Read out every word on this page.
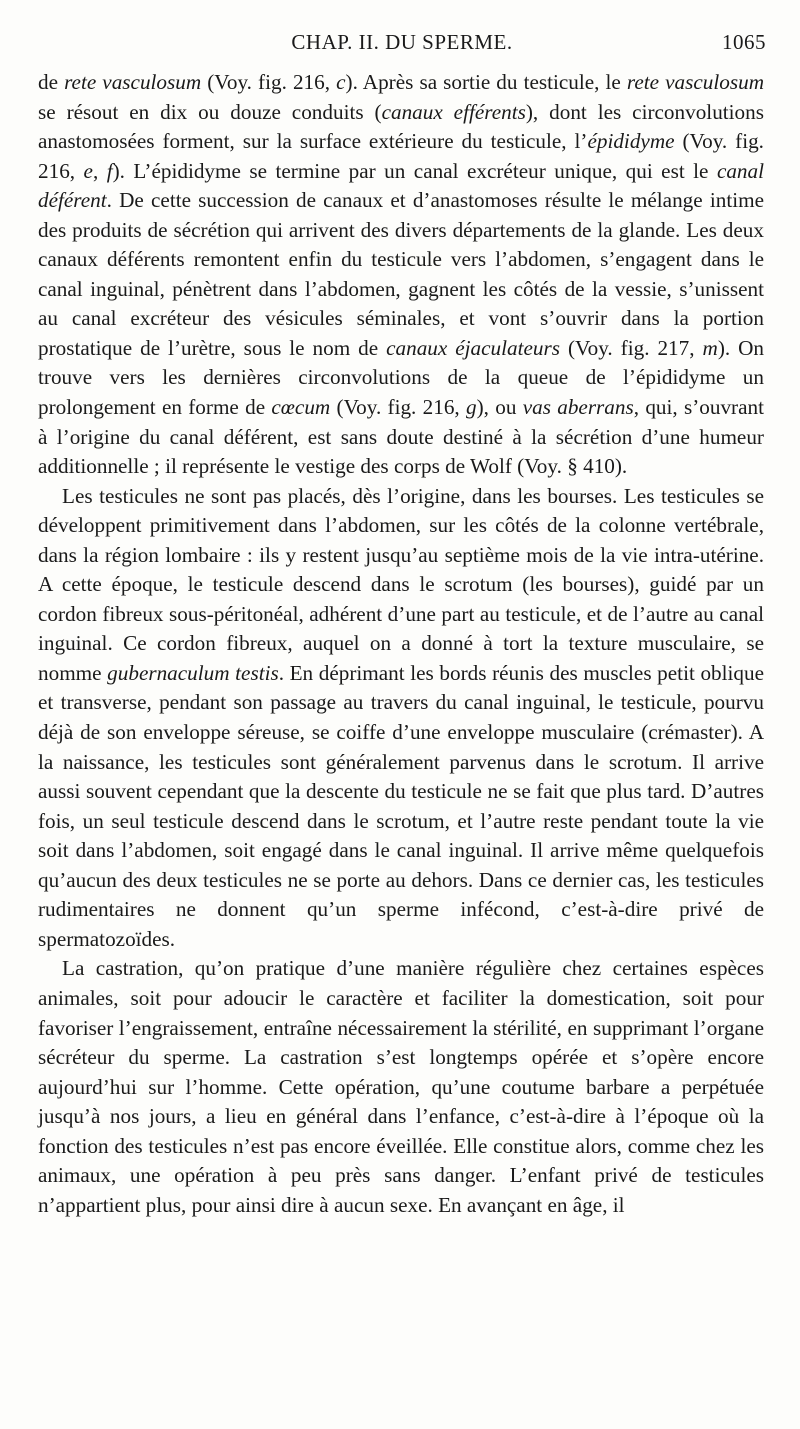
CHAP. II. DU SPERME.	1065

de rete vasculosum (Voy. fig. 216, c). Après sa sortie du testicule, le rete vasculosum se résout en dix ou douze conduits (canaux efférents), dont les circonvolutions anastomosées forment, sur la surface extérieure du testicule, l’épididyme (Voy. fig. 216, e, f). L’épididyme se termine par un canal excréteur unique, qui est le canal déférent. De cette succession de canaux et d’anastomoses résulte le mélange intime des produits de sécrétion qui arrivent des divers départements de la glande. Les deux canaux déférents remontent enfin du testicule vers l’abdomen, s’engagent dans le canal inguinal, pénètrent dans l’abdomen, gagnent les côtés de la vessie, s’unissent au canal excréteur des vésicules séminales, et vont s’ouvrir dans la portion prostatique de l’urètre, sous le nom de canaux éjaculateurs (Voy. fig. 217, m). On trouve vers les dernières circonvolutions de la queue de l’épididyme un prolongement en forme de cœcum (Voy. fig. 216, g), ou vas aberrans, qui, s’ouvrant à l’origine du canal déférent, est sans doute destiné à la sécrétion d’une humeur additionnelle ; il représente le vestige des corps de Wolf (Voy. § 410).

Les testicules ne sont pas placés, dès l’origine, dans les bourses. Les testicules se développent primitivement dans l’abdomen, sur les côtés de la colonne vertébrale, dans la région lombaire : ils y restent jusqu’au septième mois de la vie intra-utérine. A cette époque, le testicule descend dans le scrotum (les bourses), guidé par un cordon fibreux sous-péritonéal, adhérent d’une part au testicule, et de l’autre au canal inguinal. Ce cordon fibreux, auquel on a donné à tort la texture musculaire, se nomme gubernaculum testis. En déprimant les bords réunis des muscles petit oblique et transverse, pendant son passage au travers du canal inguinal, le testicule, pourvu déjà de son enveloppe séreuse, se coiffe d’une enveloppe musculaire (crémaster). A la naissance, les testicules sont généralement parvenus dans le scrotum. Il arrive aussi souvent cependant que la descente du testicule ne se fait que plus tard. D’autres fois, un seul testicule descend dans le scrotum, et l’autre reste pendant toute la vie soit dans l’abdomen, soit engagé dans le canal inguinal. Il arrive même quelquefois qu’aucun des deux testicules ne se porte au dehors. Dans ce dernier cas, les testicules rudimentaires ne donnent qu’un sperme infécond, c’est-à-dire privé de spermatozoïdes.

La castration, qu’on pratique d’une manière régulière chez certaines espèces animales, soit pour adoucir le caractère et faciliter la domestication, soit pour favoriser l’engraissement, entraîne nécessairement la stérilité, en supprimant l’organe sécréteur du sperme. La castration s’est longtemps opérée et s’opère encore aujourd’hui sur l’homme. Cette opération, qu’une coutume barbare a perpétuée jusqu’à nos jours, a lieu en général dans l’enfance, c’est-à-dire à l’époque où la fonction des testicules n’est pas encore éveillée. Elle constitue alors, comme chez les animaux, une opération à peu près sans danger. L’enfant privé de testicules n’appartient plus, pour ainsi dire à aucun sexe. En avançant en âge, il
